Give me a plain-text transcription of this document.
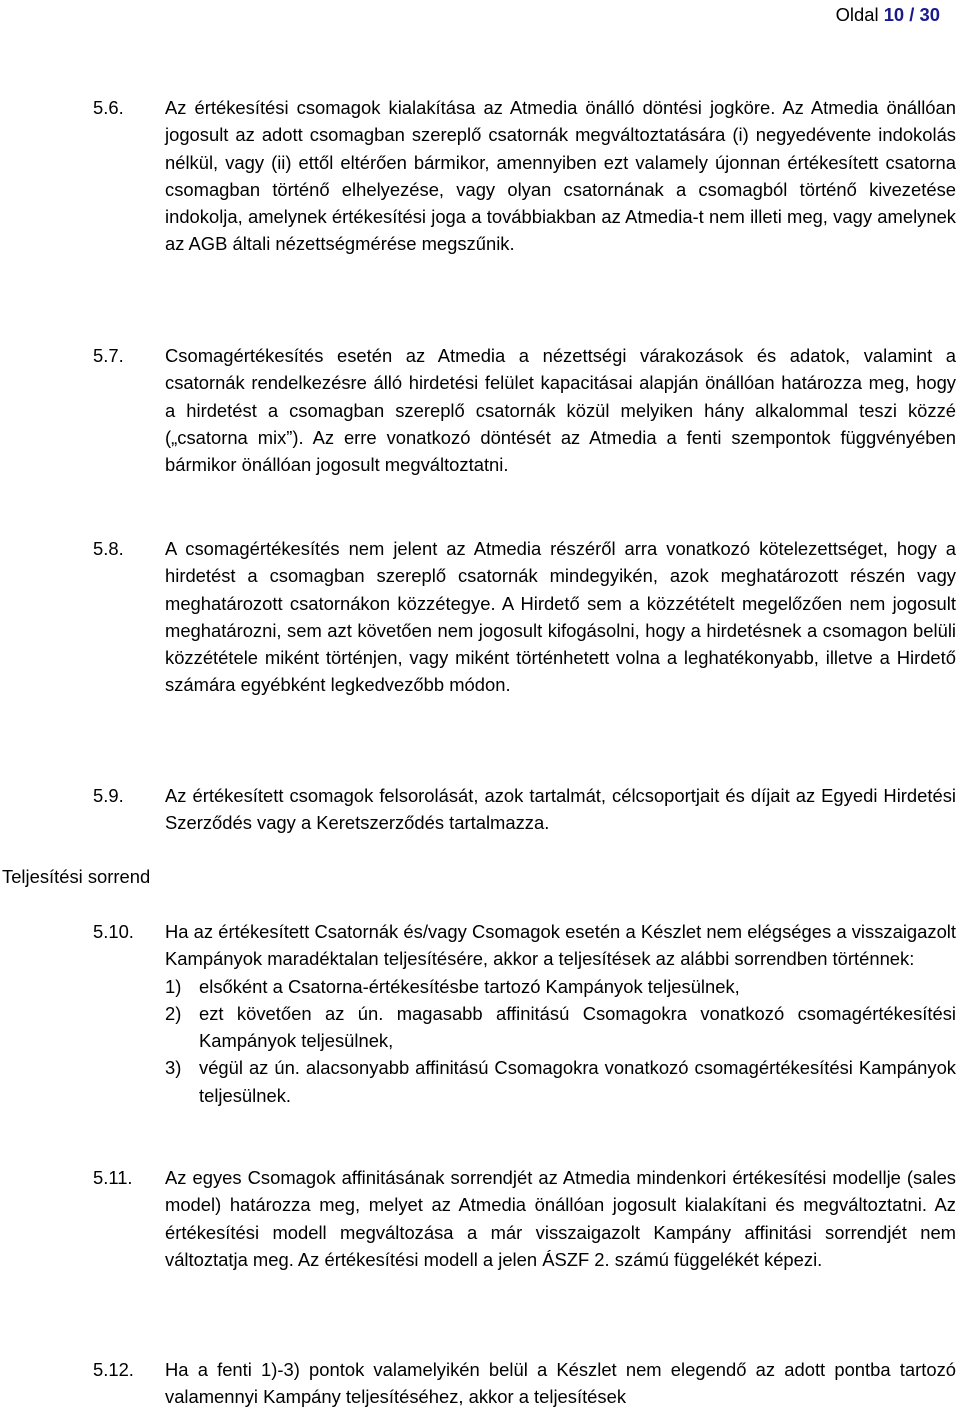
Oldal 10 / 30
5.6. Az értékesítési csomagok kialakítása az Atmedia önálló döntési jogköre. Az Atmedia önállóan jogosult az adott csomagban szereplő csatornák megváltoztatására (i) negyedévente indokolás nélkül, vagy (ii) ettől eltérően bármikor, amennyiben ezt valamely újonnan értékesített csatorna csomagban történő elhelyezése, vagy olyan csatornának a csomagból történő kivezetése indokolja, amelynek értékesítési joga a továbbiakban az Atmedia-t nem illeti meg, vagy amelynek az AGB általi nézettségmérése megszűnik.
5.7. Csomagértékesítés esetén az Atmedia a nézettségi várakozások és adatok, valamint a csatornák rendelkezésre álló hirdetési felület kapacitásai alapján önállóan határozza meg, hogy a hirdetést a csomagban szereplő csatornák közül melyiken hány alkalommal teszi közzé („csatorna mix”). Az erre vonatkozó döntését az Atmedia a fenti szempontok függvényében bármikor önállóan jogosult megváltoztatni.
5.8. A csomagértékesítés nem jelent az Atmedia részéről arra vonatkozó kötelezettséget, hogy a hirdetést a csomagban szereplő csatornák mindegyikén, azok meghatározott részén vagy meghatározott csatornákon közzétegye. A Hirdető sem a közzétételt megelőzően nem jogosult meghatározni, sem azt követően nem jogosult kifogásolni, hogy a hirdetésnek a csomagon belüli közzététele miként történjen, vagy miként történhetett volna a leghatékonyabb, illetve a Hirdető számára egyébként legkedvezőbb módon.
5.9. Az értékesített csomagok felsorolását, azok tartalmát, célcsoportjait és díjait az Egyedi Hirdetési Szerződés vagy a Keretszerződés tartalmazza.
Teljesítési sorrend
5.10. Ha az értékesített Csatornák és/vagy Csomagok esetén a Készlet nem elégséges a visszaigazolt Kampányok maradéktalan teljesítésére, akkor a teljesítések az alábbi sorrendben történnek:
1) elsőként a Csatorna-értékesítésbe tartozó Kampányok teljesülnek,
2) ezt követően az ún. magasabb affinitású Csomagokra vonatkozó csomagértékesítési Kampányok teljesülnek,
3) végül az ún. alacsonyabb affinitású Csomagokra vonatkozó csomagértékesítési Kampányok teljesülnek.
5.11. Az egyes Csomagok affinitásának sorrendjét az Atmedia mindenkori értékesítési modellje (sales model) határozza meg, melyet az Atmedia önállóan jogosult kialakítani és megváltoztatni. Az értékesítési modell megváltozása a már visszaigazolt Kampány affinitási sorrendjét nem változtatja meg. Az értékesítési modell a jelen ÁSZF 2. számú függelékét képezi.
5.12. Ha a fenti 1)-3) pontok valamelyikén belül a Készlet nem elegendő az adott pontba tartozó valamennyi Kampány teljesítéséhez, akkor a teljesítések
